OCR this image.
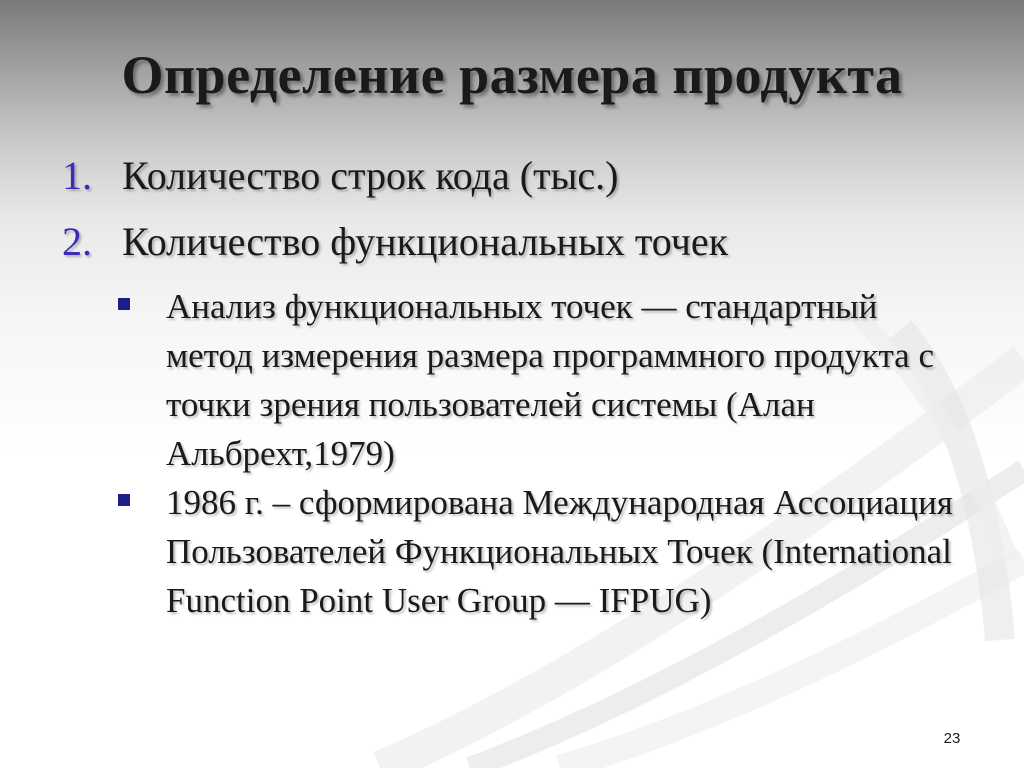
Определение размера продукта
1. Количество строк кода (тыс.)
2. Количество функциональных точек
Анализ функциональных точек — стандартный метод измерения размера программного продукта с точки зрения пользователей системы (Алан Альбрехт,1979)
1986 г. – сформирована Международная Ассоциация Пользователей Функциональных Точек (International Function Point User Group — IFPUG)
23
